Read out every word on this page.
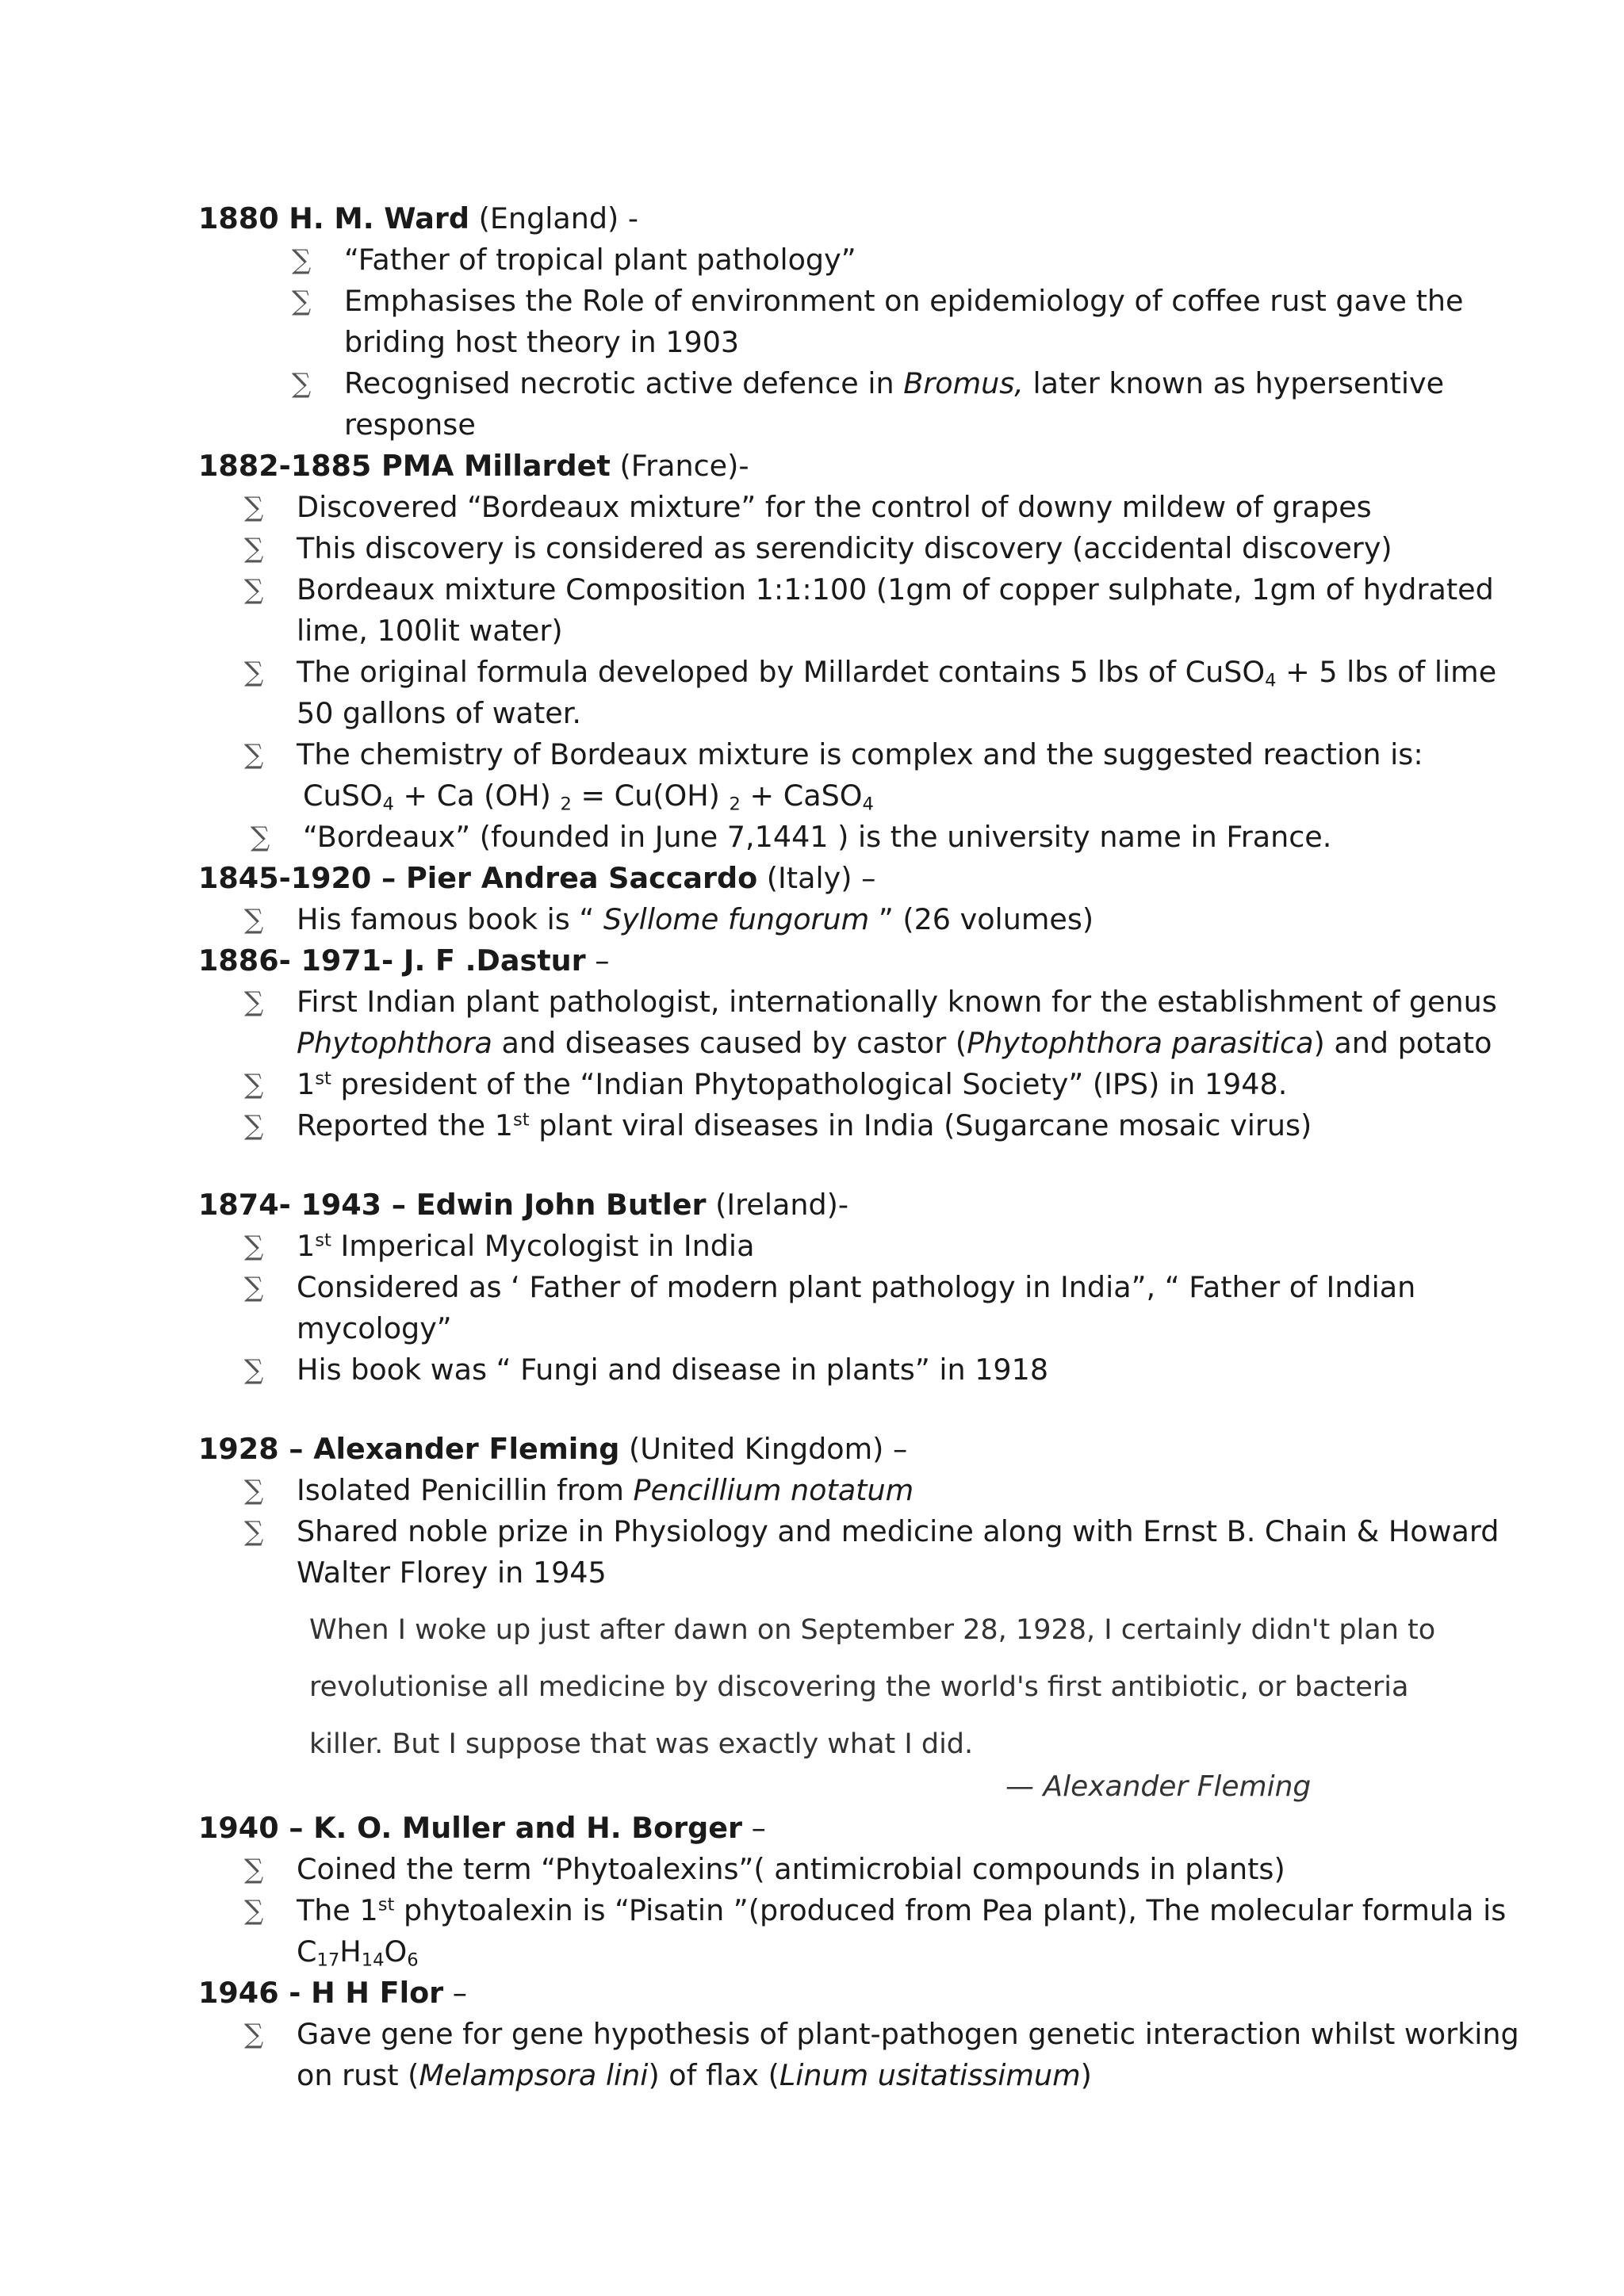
1880 H. M. Ward (England) -
∑ “Father of tropical plant pathology”
∑ Emphasises the Role of environment on epidemiology of coffee rust gave the
briding host theory in 1903
∑ Recognised necrotic active defence in Bromus, later known as hypersentive
response
1882-1885 PMA Millardet (France)-
∑ Discovered “Bordeaux mixture” for the control of downy mildew of grapes
∑ This discovery is considered as serendicity discovery (accidental discovery)
∑ Bordeaux mixture Composition 1:1:100 (1gm of copper sulphate, 1gm of hydrated
lime, 100lit water)
∑ The original formula developed by Millardet contains 5 lbs of CuSO$_4$ + 5 lbs of lime
50 gallons of water.
∑ The chemistry of Bordeaux mixture is complex and the suggested reaction is:
CuSO$_4$ + Ca (OH) $_2$ = Cu(OH) $_2$ + CaSO$_4$
∑ “Bordeaux” (founded in June 7,1441 ) is the university name in France.
1845-1920 – Pier Andrea Saccardo (Italy) –
∑ His famous book is “ Syllome fungorum ” (26 volumes)
1886- 1971- J. F .Dastur –
∑ First Indian plant pathologist, internationally known for the establishment of genus
Phytophthora and diseases caused by castor (Phytophthora parasitica) and potato
∑ 1st president of the “Indian Phytopathological Society” (IPS) in 1948.
∑ Reported the 1st plant viral diseases in India (Sugarcane mosaic virus)
1874- 1943 – Edwin John Butler (Ireland)-
∑ 1st Imperical Mycologist in India
∑ Considered as ‘ Father of modern plant pathology in India”, “ Father of Indian
mycology”
∑ His book was “ Fungi and disease in plants” in 1918
1928 – Alexander Fleming (United Kingdom) –
∑ Isolated Penicillin from Pencillium notatum
∑ Shared noble prize in Physiology and medicine along with Ernst B. Chain & Howard
Walter Florey in 1945
When I woke up just after dawn on September 28, 1928, I certainly didn't plan to
revolutionise all medicine by discovering the world's first antibiotic, or bacteria
killer. But I suppose that was exactly what I did.
— Alexander Fleming
1940 – K. O. Muller and H. Borger –
∑ Coined the term “Phytoalexins”( antimicrobial compounds in plants)
∑ The 1st phytoalexin is “Pisatin ”(produced from Pea plant), The molecular formula is
$C_{17}H_{14}O_6$
1946 - H H Flor –
∑ Gave gene for gene hypothesis of plant-pathogen genetic interaction whilst working
on rust (Melampsora lini) of flax (Linum usitatissimum)
